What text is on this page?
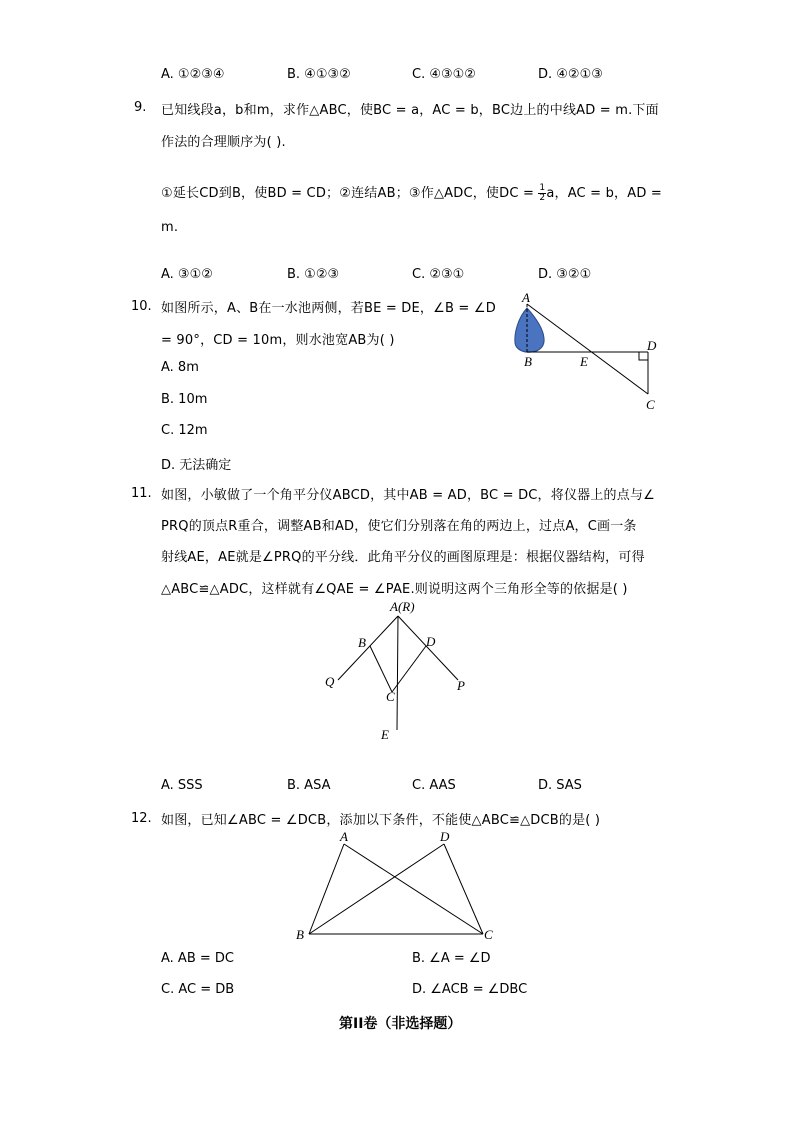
A. ①②③④	B. ④①③②	C. ④③①②	D. ④②①③
9. 已知线段a，b和m，求作△ABC，使BC = a，AC = b，BC边上的中线AD = m.下面
作法的合理顺序为( ).
①延长CD到B，使BD = CD；②连结AB；③作△ADC，使DC = $\frac{1}{2}$ a，AC = b，AD =
m.
A. ③①②	B. ①②③	C. ②③①	D. ③②①
10. 如图所示，A、B在一水池两侧，若BE = DE，∠B = ∠D
= 90°，CD = 10m，则水池宽AB为( )
A. 8m
B. 10m
C. 12m
D. 无法确定
A
B	E
D
C
11. 如图，小敏做了一个角平分仪ABCD，其中AB = AD，BC = DC，将仪器上的点与∠
PRQ的顶点R重合，调整AB和AD，使它们分别落在角的两边上，过点A，C画一条
射线AE，AE就是∠PRQ的平分线．此角平分仪的画图原理是：根据仪器结构，可得
△ABC≌△ADC，这样就有∠QAE = ∠PAE.则说明这两个三角形全等的依据是( )
A(R)
B	D
Q	P
C
E
A. SSS	B. ASA	C. AAS	D. SAS
12. 如图，已知∠ABC = ∠DCB，添加以下条件，不能使△ABC≌△DCB的是( )
A	D
B	C
A. AB = DC	B. ∠A = ∠D
C. AC = DB	D. ∠ACB = ∠DBC
第II卷（非选择题）
